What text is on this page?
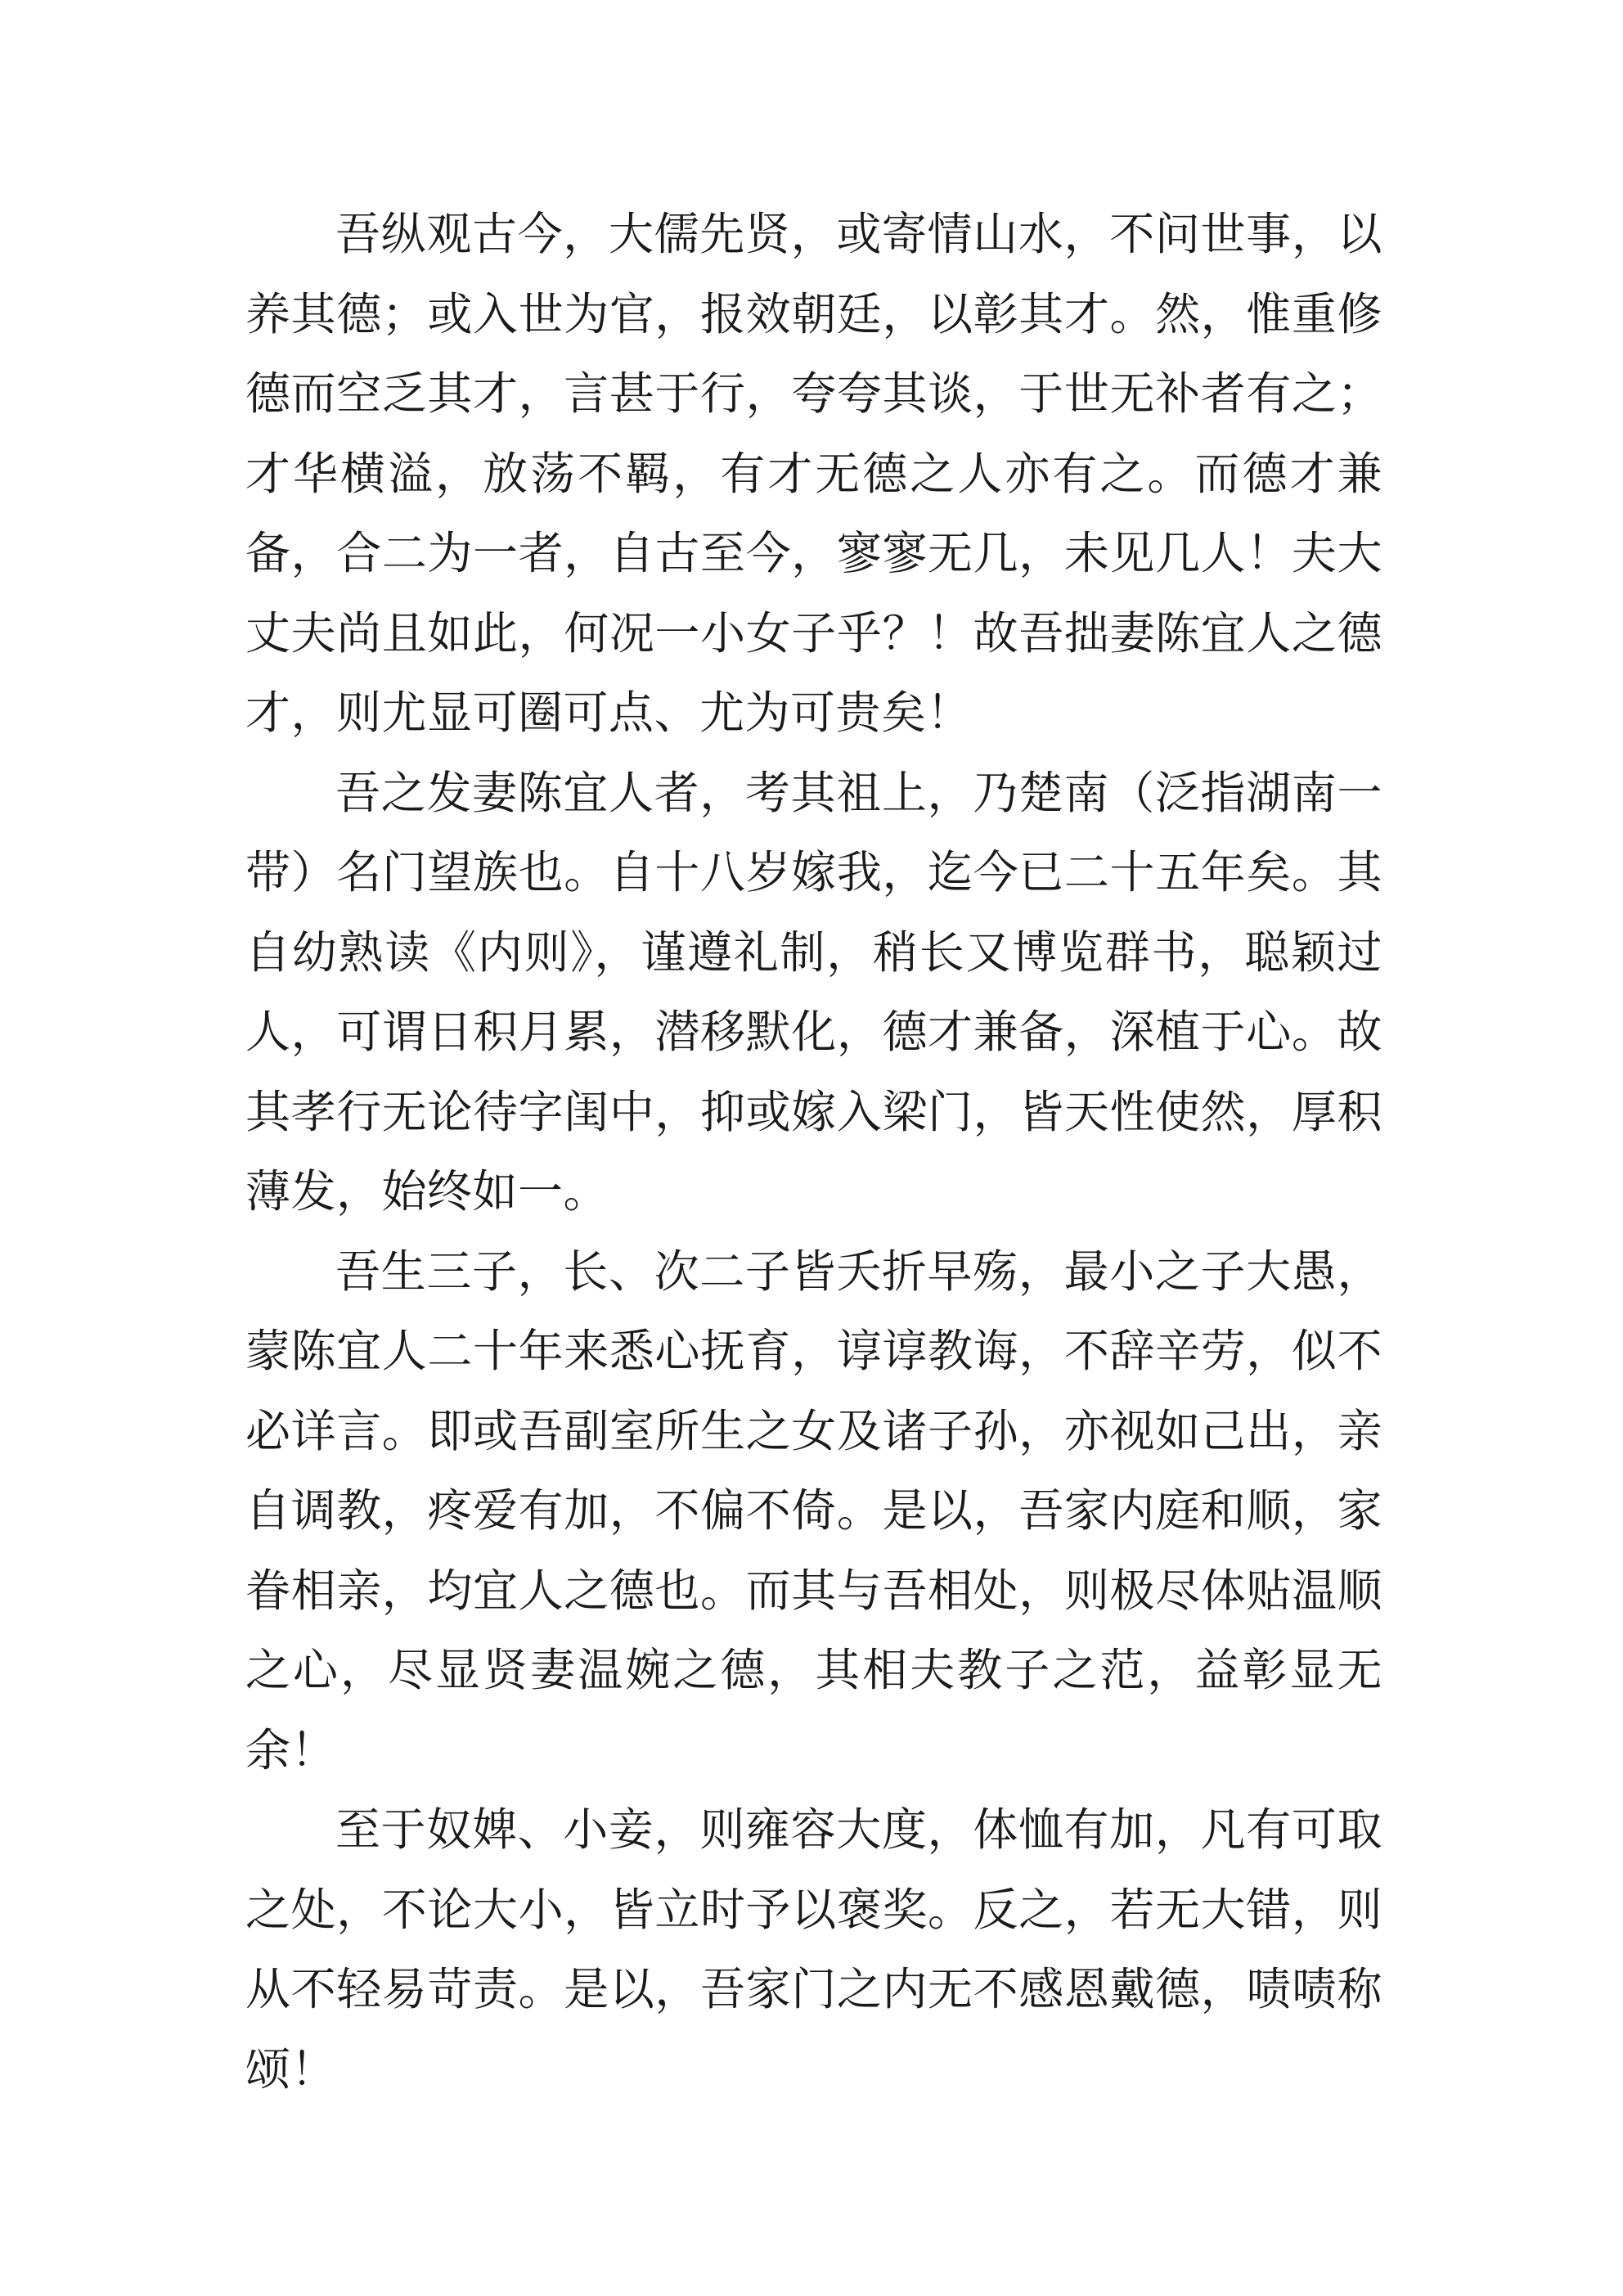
吾纵观古今，大儒先贤，或寄情山水，不问世事，以养其德；或入世为官，报效朝廷，以彰其才。然，惟重修德而空乏其才，言甚于行，夸夸其谈，于世无补者有之；才华横溢，放荡不羁，有才无德之人亦有之。而德才兼备，合二为一者，自古至今，寥寥无几，未见几人！夫大丈夫尚且如此，何况一小女子乎？！故吾拙妻陈宜人之德才，则尤显可圈可点、尤为可贵矣！

吾之发妻陈宜人者，考其祖上，乃楚南（泛指湖南一带）名门望族也。自十八岁嫁我，迄今已二十五年矣。其自幼熟读《内则》，谨遵礼制，稍长又博览群书，聪颖过人，可谓日积月累，潜移默化，德才兼备，深植于心。故其孝行无论待字闺中，抑或嫁入梁门，皆天性使然，厚积薄发，始终如一。

吾生三子，长、次二子皆夭折早殇，最小之子大愚，蒙陈宜人二十年来悉心抚育，谆谆教诲，不辞辛劳，似不必详言。即或吾副室所生之女及诸子孙，亦视如己出，亲自调教，疼爱有加，不偏不倚。是以，吾家内庭和顺，家眷相亲，均宜人之德也。而其与吾相处，则极尽体贴温顺之心，尽显贤妻温婉之德，其相夫教子之范，益彰显无余！

至于奴婢、小妾，则雍容大度，体恤有加，凡有可取之处，不论大小，皆立时予以褒奖。反之，若无大错，则从不轻易苛责。是以，吾家门之内无不感恩戴德，啧啧称颂！
